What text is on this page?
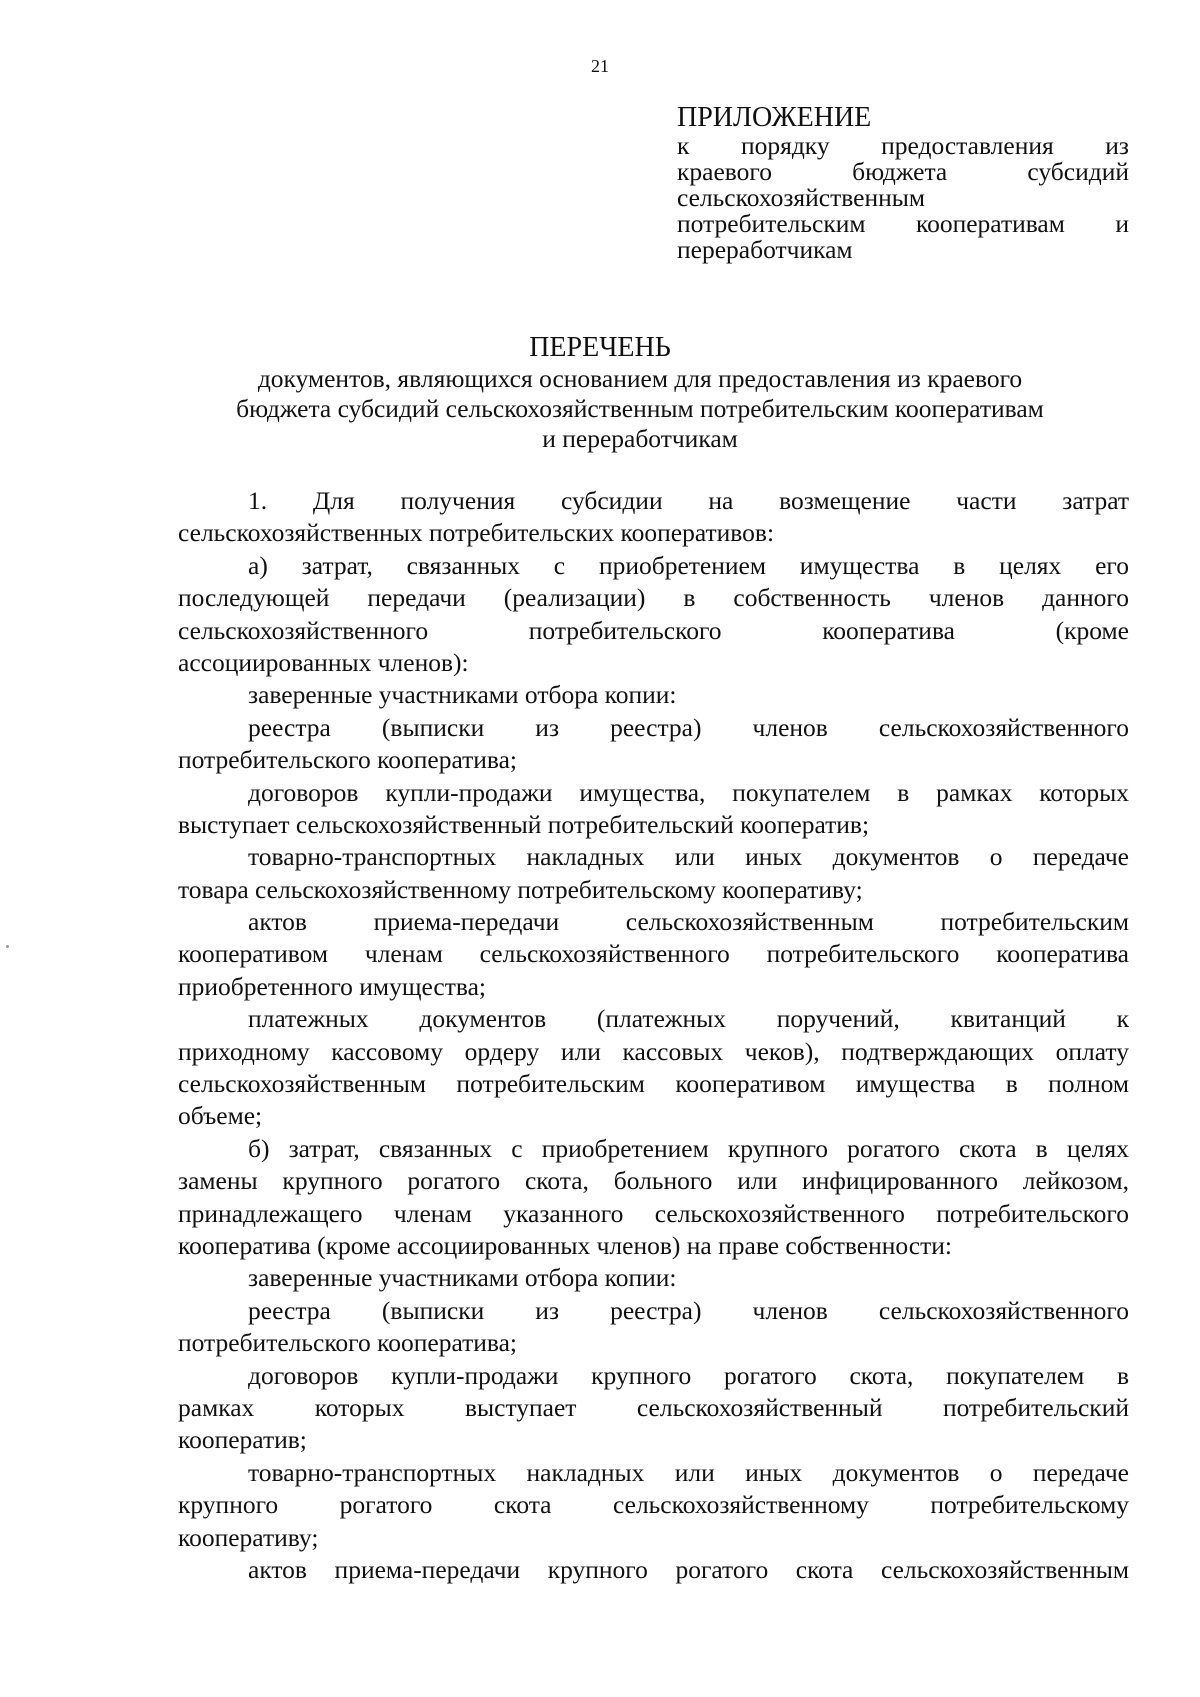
21
ПРИЛОЖЕНИЕ
к порядку предоставления из
краевого бюджета субсидий
сельскохозяйственным
потребительским кооперативам и
переработчикам
ПЕРЕЧЕНЬ
документов, являющихся основанием для предоставления из краевого
бюджета субсидий сельскохозяйственным потребительским кооперативам
и переработчикам
1. Для получения субсидии на возмещение части затрат
сельскохозяйственных потребительских кооперативов:
а) затрат, связанных с приобретением имущества в целях его
последующей передачи (реализации) в собственность членов данного
сельскохозяйственного потребительского кооператива (кроме
ассоциированных членов):
заверенные участниками отбора копии:
реестра (выписки из реестра) членов сельскохозяйственного
потребительского кооператива;
договоров купли-продажи имущества, покупателем в рамках которых
выступает сельскохозяйственный потребительский кооператив;
товарно-транспортных накладных или иных документов о передаче
товара сельскохозяйственному потребительскому кооперативу;
актов приема-передачи сельскохозяйственным потребительским
кооперативом членам сельскохозяйственного потребительского кооператива
приобретенного имущества;
платежных документов (платежных поручений, квитанций к
приходному кассовому ордеру или кассовых чеков), подтверждающих оплату
сельскохозяйственным потребительским кооперативом имущества в полном
объеме;
б) затрат, связанных с приобретением крупного рогатого скота в целях
замены крупного рогатого скота, больного или инфицированного лейкозом,
принадлежащего членам указанного сельскохозяйственного потребительского
кооператива (кроме ассоциированных членов) на праве собственности:
заверенные участниками отбора копии:
реестра (выписки из реестра) членов сельскохозяйственного
потребительского кооператива;
договоров купли-продажи крупного рогатого скота, покупателем в
рамках которых выступает сельскохозяйственный потребительский
кооператив;
товарно-транспортных накладных или иных документов о передаче
крупного рогатого скота сельскохозяйственному потребительскому
кооперативу;
актов приема-передачи крупного рогатого скота сельскохозяйственным
